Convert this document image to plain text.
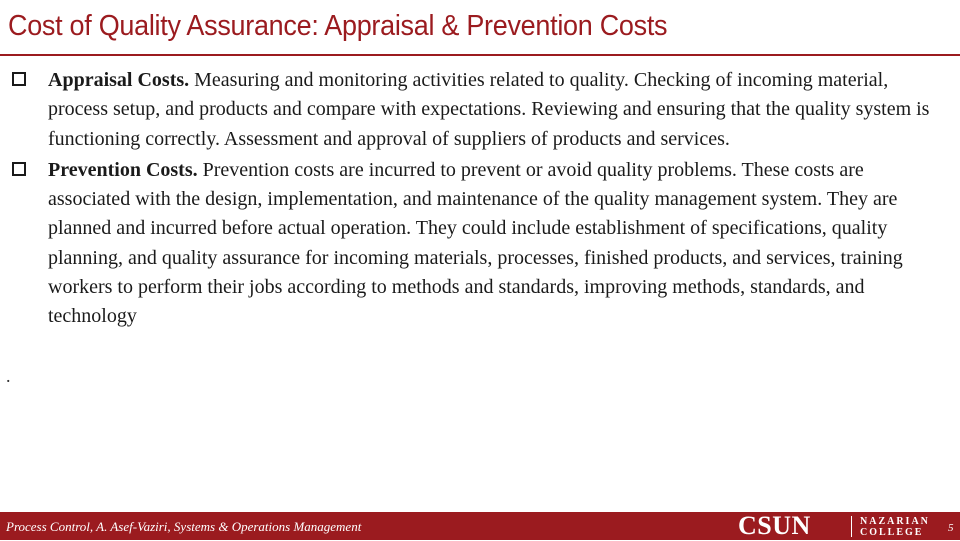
Cost of Quality Assurance: Appraisal & Prevention Costs
Appraisal Costs. Measuring and monitoring activities related to quality. Checking of incoming material, process setup, and products and compare with expectations. Reviewing and ensuring that the quality system is functioning correctly. Assessment and approval of suppliers of products and services.
Prevention Costs. Prevention costs are incurred to prevent or avoid quality problems. These costs are associated with the design, implementation, and maintenance of the quality management system. They are planned and incurred before actual operation. They could include establishment of specifications, quality planning, and quality assurance for incoming materials, processes, finished products, and services, training workers to perform their jobs according to methods and standards, improving methods, standards, and technology
.
Process Control, A. Asef-Vaziri, Systems & Operations Management	CSUN	NAZARIAN
COLLEGE 5
